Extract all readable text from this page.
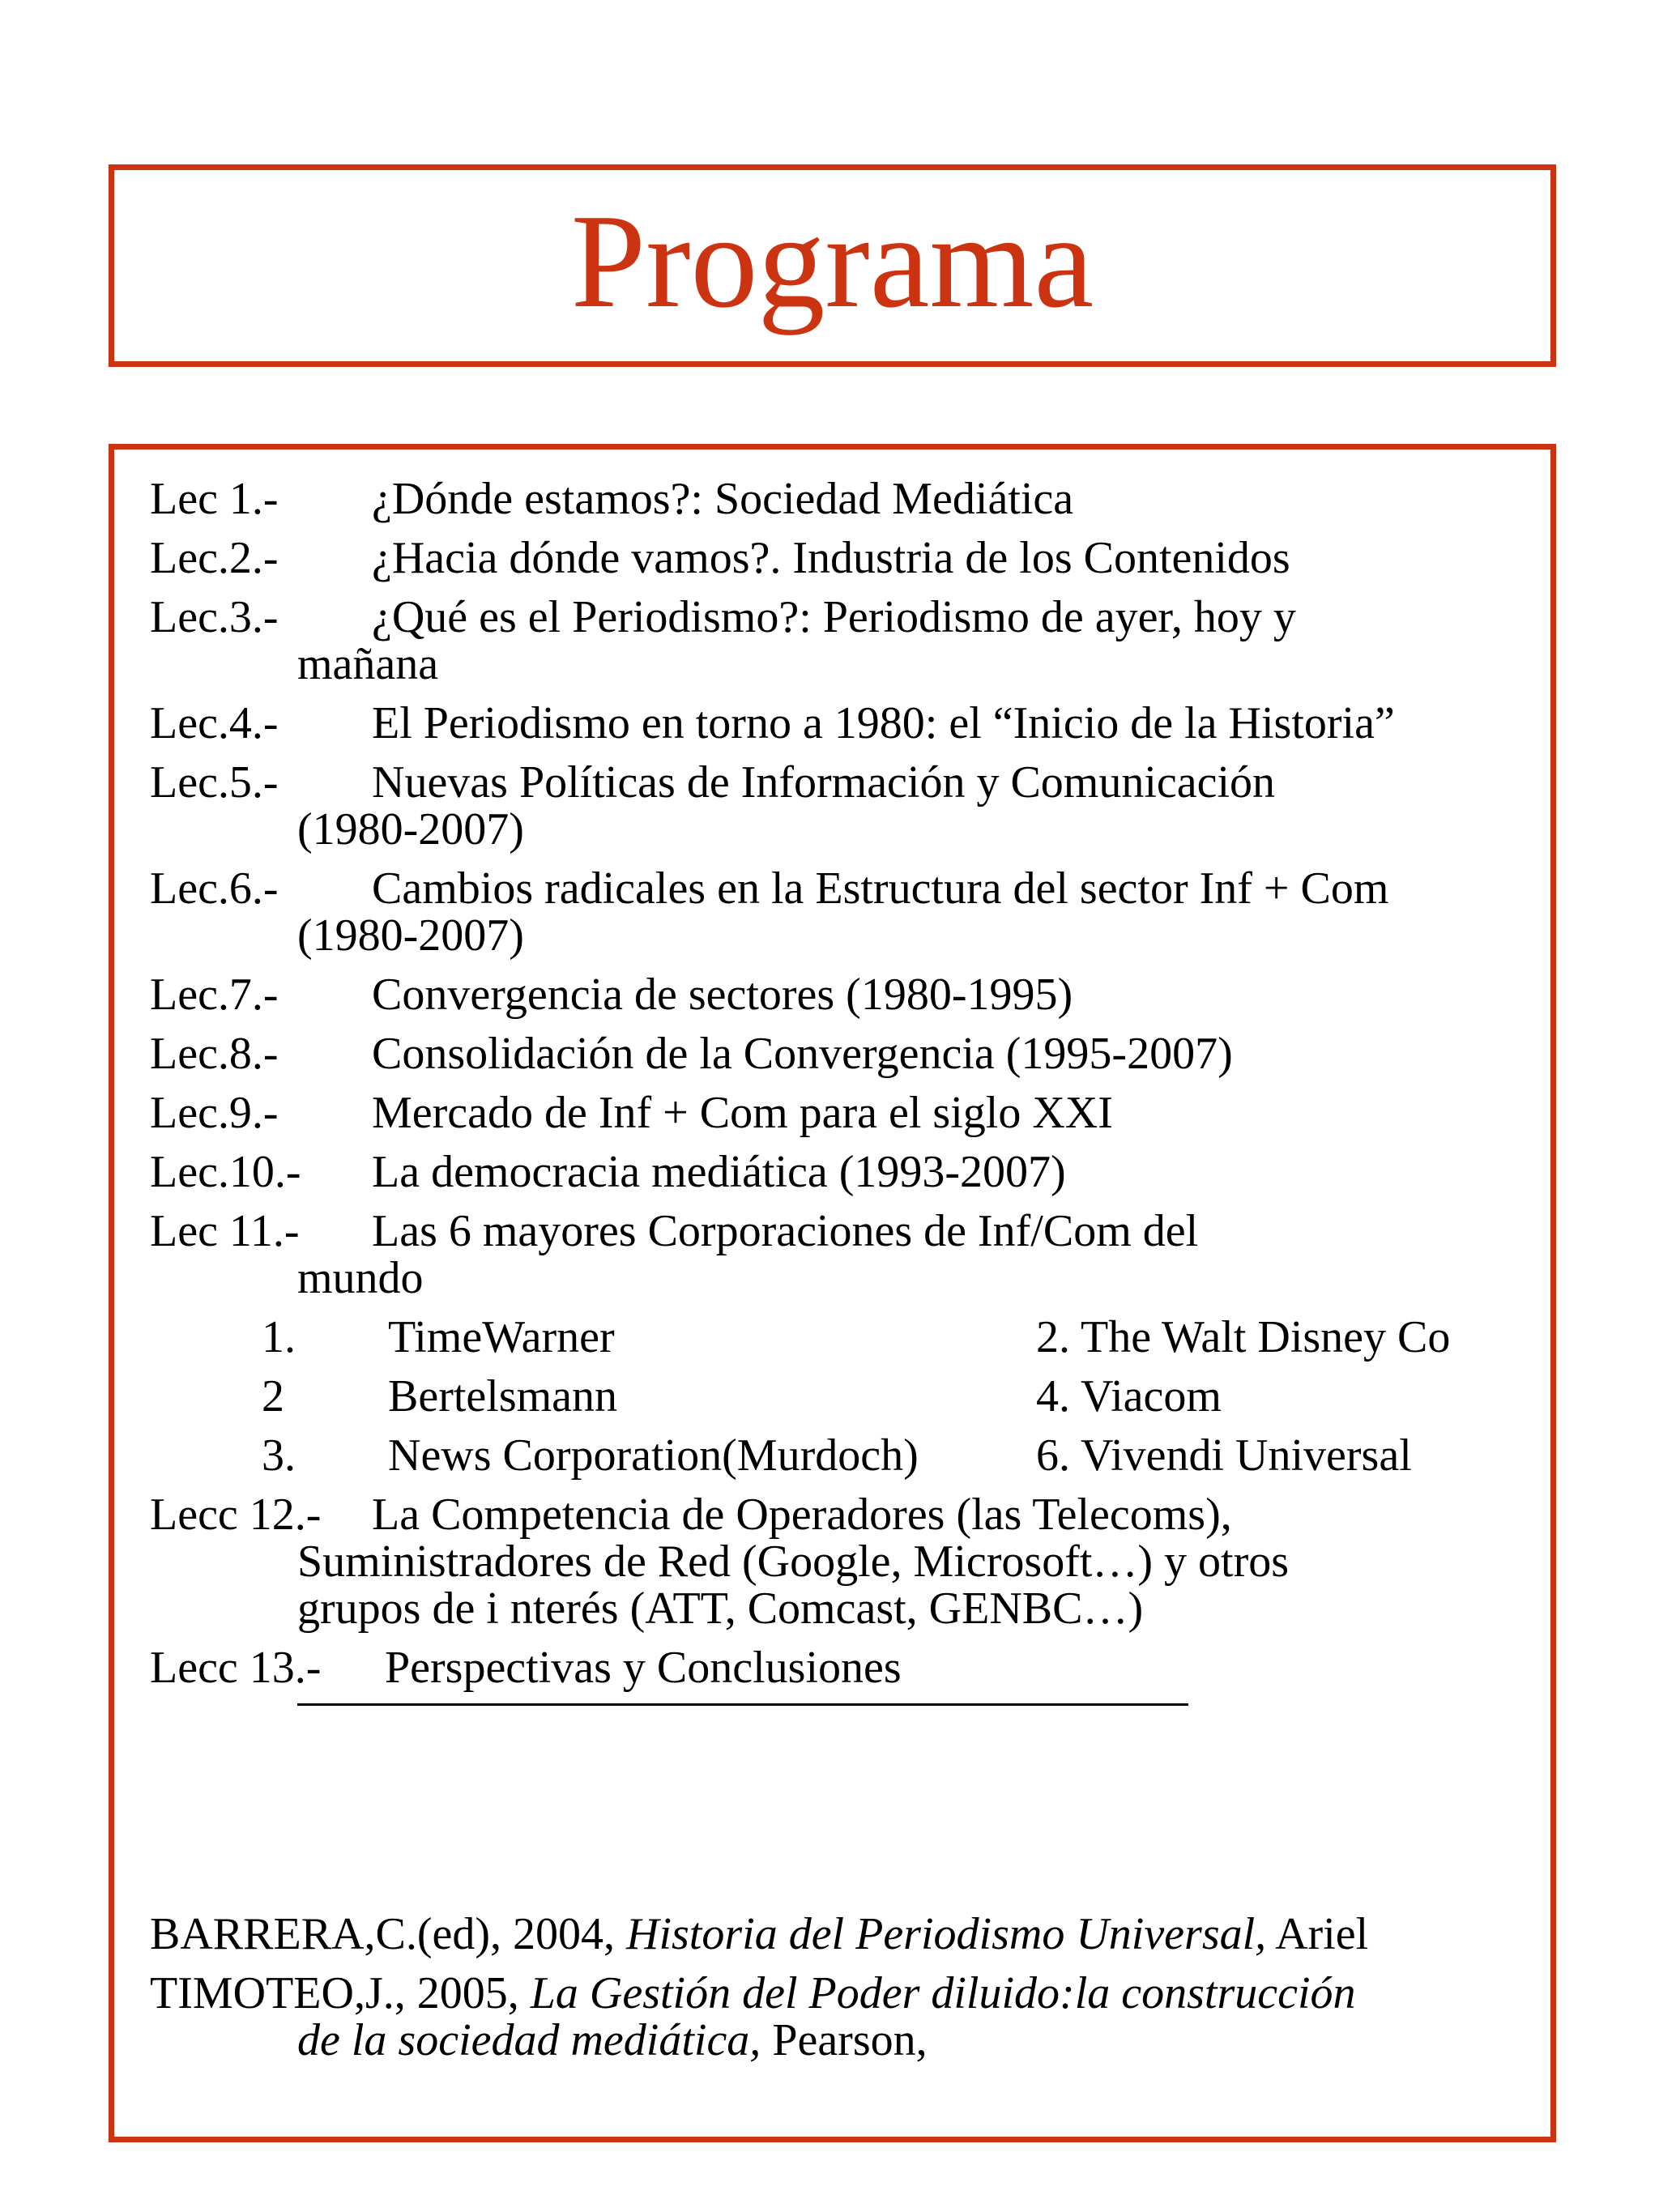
Programa
Lec 1.-	¿Dónde estamos?: Sociedad Mediática
Lec.2.-	¿Hacia dónde vamos?. Industria de los Contenidos
Lec.3.-	¿Qué es el Periodismo?: Periodismo de ayer, hoy y
mañana
Lec.4.-	El Periodismo en torno a 1980: el “Inicio de la Historia”
Lec.5.-	Nuevas Políticas de Información y Comunicación
(1980-2007)
Lec.6.-	Cambios radicales en la Estructura del sector Inf + Com
(1980-2007)
Lec.7.-	Convergencia de sectores (1980-1995)
Lec.8.-	Consolidación de la Convergencia (1995-2007)
Lec.9.-	Mercado de Inf + Com para el siglo XXI
Lec.10.-	La democracia mediática (1993-2007)
Lec 11.-	Las 6 mayores Corporaciones de Inf/Com del
mundo
1.	TimeWarner	2. The Walt Disney Co
2	Bertelsmann	4. Viacom
3.	News Corporation(Murdoch)	6. Vivendi Universal
Lecc 12.-	La Competencia de Operadores (las Telecoms),
Suministradores de Red (Google, Microsoft…) y otros
grupos de i nterés (ATT, Comcast, GENBC…)
Lecc 13.-	Perspectivas y Conclusiones
BARRERA,C.(ed), 2004, Historia del Periodismo Universal, Ariel
TIMOTEO,J., 2005, La Gestión del Poder diluido:la construcción
de la sociedad mediática, Pearson,
